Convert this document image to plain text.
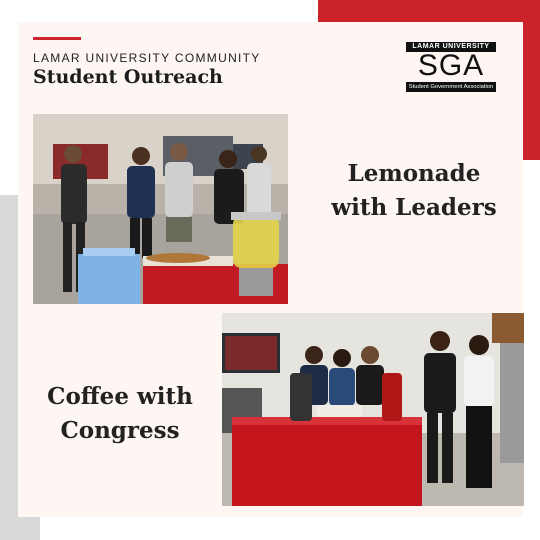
LAMAR UNIVERSITY COMMUNITY
Student Outreach
LAMAR UNIVERSITY
SGA
Student Government Association
Lemonade
with Leaders
Coffee with
Congress
